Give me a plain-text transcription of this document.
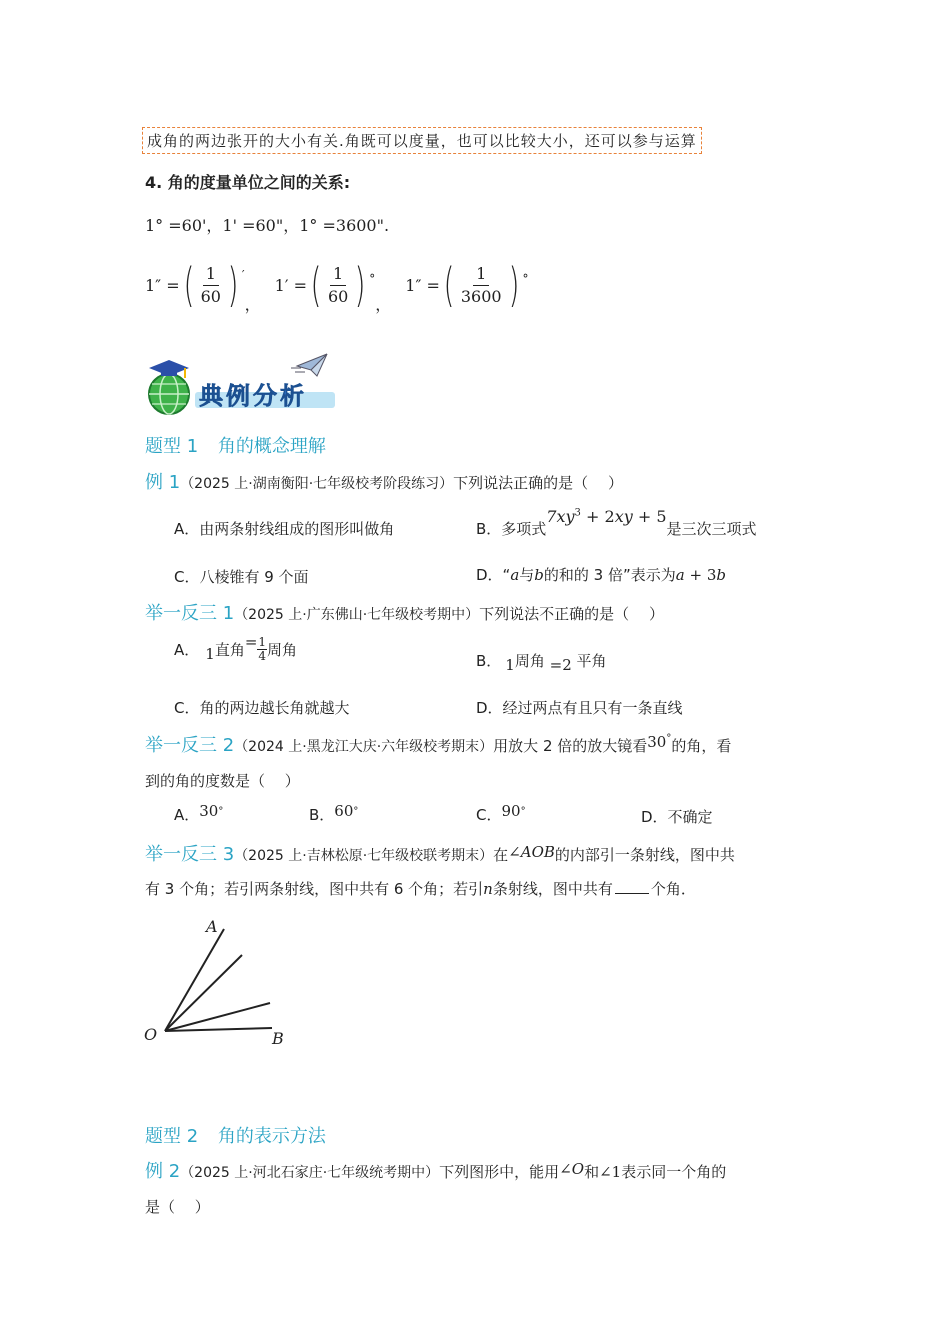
成角的两边张开的大小有关.角既可以度量，也可以比较大小，还可以参与运算
4. 角的度量单位之间的关系:
1° =60'，1' =60"，1° =3600".
1″ = ( $\frac{1}{60}$ ) ′
，
1′ = ( $\frac{1}{60}$ ) °
，
1″ = ( $\frac{1}{3600}$ ) °
典例分析
题型 1 角的概念理解
例 1（2025 上·湖南衡阳·七年级校考阶段练习）下列说法正确的是（　 ）
A．由两条射线组成的图形叫做角	B．多项式$7xy^3 + 2xy + 5$是三次三项式
C．八棱锥有 9 个面	D．“a与b的和的 3 倍”表示为a + 3b
举一反三 1（2025 上·广东佛山·七年级校考期中）下列说法不正确的是（　 ）
A． 1 直角 = $\frac{1}{4}$ 周角
B． 1周角 =2 平角
C．角的两边越长角就越大	D．经过两点有且只有一条直线
举一反三 2（2024 上·黑龙江大庆·六年级校考期末）用放大 2 倍的放大镜看30°的角，看
到的角的度数是（　 ）
A．30°	B．60°	C．90°	D．不确定
举一反三 3（2025 上·吉林松原·七年级校联考期末）在∠AOB的内部引一条射线，图中共
有 3 个角；若引两条射线，图中共有 6 个角；若引n条射线，图中共有	个角．
A
O	B
题型 2 角的表示方法
例 2（2025 上·河北石家庄·七年级统考期中）下列图形中，能用∠O和∠1表示同一个角的
是（　 ）
